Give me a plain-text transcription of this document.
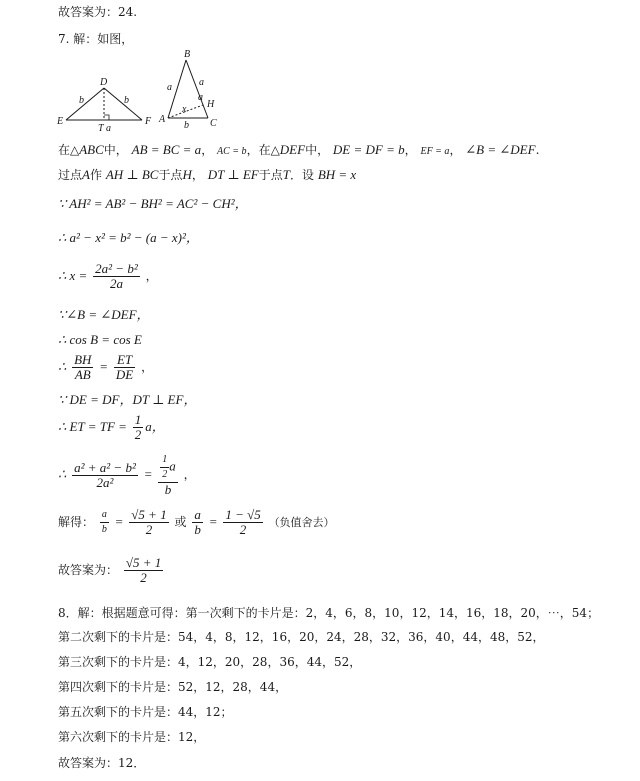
故答案为：24.
7. 解：如图，
D
E	F
T a
b	b
B
A	C
H
a	a
a
x
b
在△ABC中， AB = BC = a， AC = b，在△DEF中， DE = DF = b， EF = a， ∠B = ∠DEF.
过点A作 AH ⊥ BC于点H， DT ⊥ EF于点T．设 BH = x
∵ AH² = AB² − BH² = AC² − CH²，
∴ a² − x² = b² − (a − x)²，
∴ $x = \frac{\text{2a² − b²}}{2a}$ ，
∵∠B = ∠DEF，
∴ cos B = cos E
∴ $\frac{BH}{AB} = \frac{ET}{DE}$ ，
∵ DE = DF，DT ⊥ EF，
∴ ET = TF = $\frac{1}{2}$ a，
∴ $\frac{\text{a² + a² − b²}}{\text{2a²}} = \frac{\frac{1}{2} a}{b}$ ，
解得： $\frac{a}{b} = \frac{√5 + 1}{2}$ 或 $\frac{a}{b} = \frac{1 - √5}{2}$ （负值舍去）
故答案为： $\frac{√5 + 1}{2}$
8．解：根据题意可得：第一次剩下的卡片是：2，4，6，8，10，12，14，16，18，20，⋯，54；
第二次剩下的卡片是：54，4，8，12，16，20，24，28，32，36，40，44，48，52，
第三次剩下的卡片是：4，12，20，28，36，44，52，
第四次剩下的卡片是：52，12，28，44，
第五次剩下的卡片是：44，12；
第六次剩下的卡片是：12，
故答案为：12．
